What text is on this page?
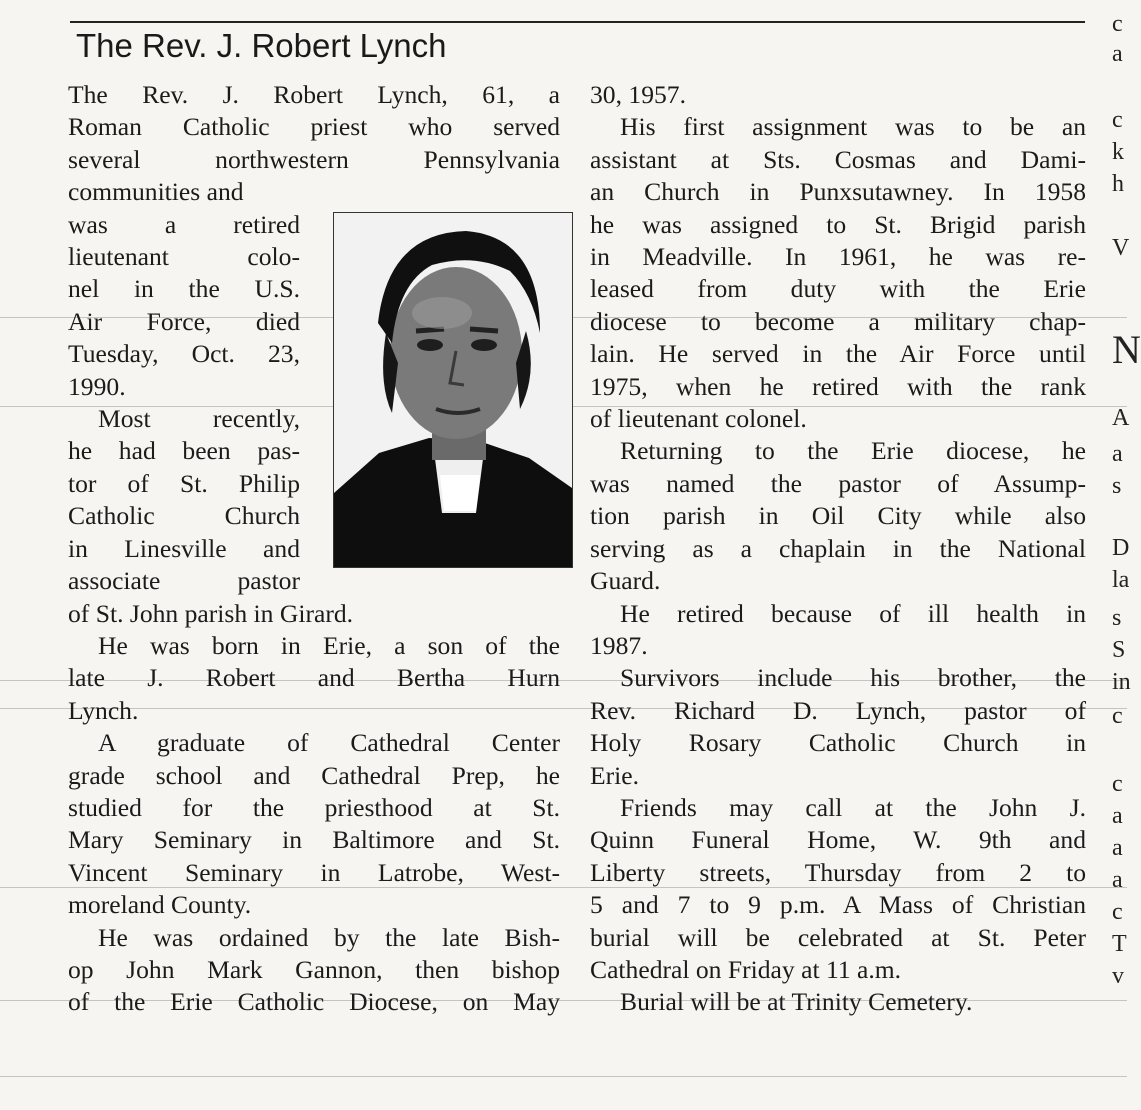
The Rev. J. Robert Lynch
The Rev. J. Robert Lynch, 61, a
Roman Catholic priest who served
several northwestern Pennsylvania
communities and
was a retired
lieutenant colo-
nel in the U.S.
Air Force, died
Tuesday, Oct. 23,
1990.
Most recently,
he had been pas-
tor of St. Philip
Catholic Church
in Linesville and
associate pastor
of St. John parish in Girard.
He was born in Erie, a son of the
late J. Robert and Bertha Hurn
Lynch.
A graduate of Cathedral Center
grade school and Cathedral Prep, he
studied for the priesthood at St.
Mary Seminary in Baltimore and St.
Vincent Seminary in Latrobe, West-
moreland County.
He was ordained by the late Bish-
op John Mark Gannon, then bishop
of the Erie Catholic Diocese, on May
30, 1957.
His first assignment was to be an
assistant at Sts. Cosmas and Dami-
an Church in Punxsutawney. In 1958
he was assigned to St. Brigid parish
in Meadville. In 1961, he was re-
leased from duty with the Erie
diocese to become a military chap-
lain. He served in the Air Force until
1975, when he retired with the rank
of lieutenant colonel.
Returning to the Erie diocese, he
was named the pastor of Assump-
tion parish in Oil City while also
serving as a chaplain in the National
Guard.
He retired because of ill health in
1987.
Survivors include his brother, the
Rev. Richard D. Lynch, pastor of
Holy Rosary Catholic Church in
Erie.
Friends may call at the John J.
Quinn Funeral Home, W. 9th and
Liberty streets, Thursday from 2 to
5 and 7 to 9 p.m. A Mass of Christian
burial will be celebrated at St. Peter
Cathedral on Friday at 11 a.m.
Burial will be at Trinity Cemetery.
c
a
c
k
h
V
N
A
a
s
D
la
s
S
in
c
c
a
a
a
c
T
v
